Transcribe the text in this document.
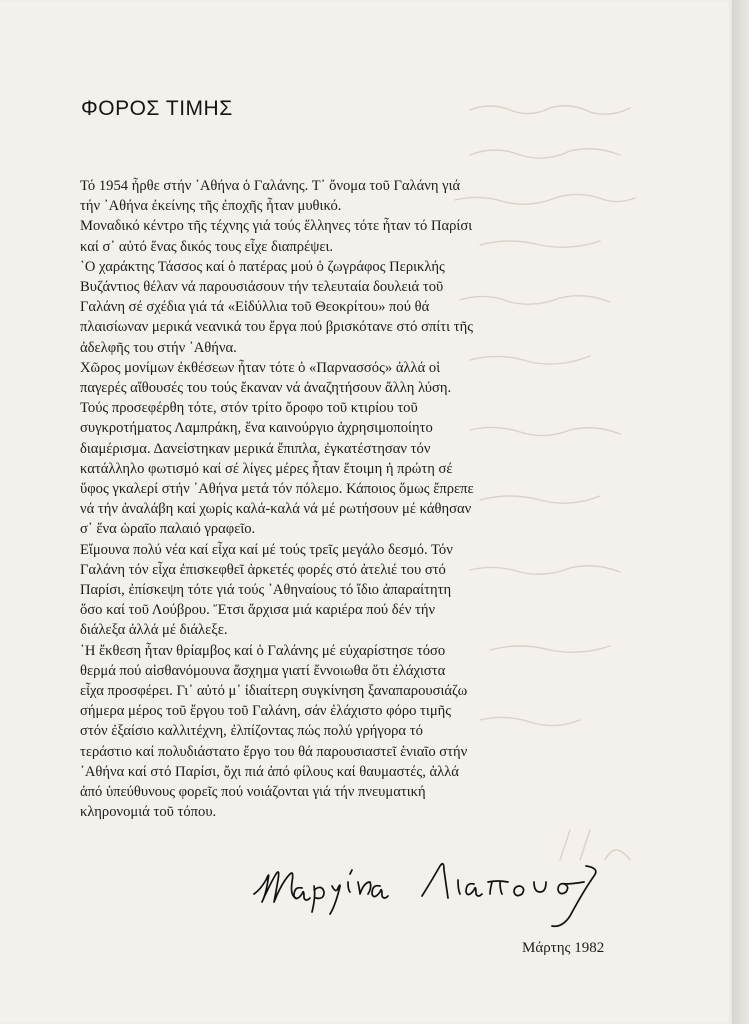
ΦΟΡΟΣ ΤΙΜΗΣ

Τό 1954 ἦρθε στήν ᾽Αθήνα ὁ Γαλάνης. Τ᾽ ὄνομα τοῦ Γαλάνη γιά

τήν ᾽Αθήνα ἐκείνης τῆς ἐποχῆς ἦταν μυθικό.

Μοναδικό κέντρο τῆς τέχνης γιά τούς ἕλληνες τότε ἦταν τό Παρίσι

καί σ᾽ αὐτό ἕνας δικός τους εἶχε διαπρέψει.

῾Ο χαράκτης Τάσσος καί ὁ πατέρας μού ὁ ζωγράφος Περικλής

Βυζάντιος θέλαν νά παρουσιάσουν τήν τελευταία δουλειά τοῦ

Γαλάνη σέ σχέδια γιά τά «Εἰδύλλια τοῦ Θεοκρίτου» πού θά

πλαισίωναν μερικά νεανικά του ἔργα πού βρισκότανε στό σπίτι τῆς

ἀδελφῆς του στήν ᾽Αθήνα.

Χῶρος μονίμων ἐκθέσεων ἦταν τότε ὁ «Παρνασσός» ἀλλά οἱ

παγερές αἴθουσές του τούς ἔκαναν νά ἀναζητήσουν ἄλλη λύση.

Τούς προσεφέρθη τότε, στόν τρίτο ὄροφο τοῦ κτιρίου τοῦ

συγκροτήματος Λαμπράκη, ἕνα καινούργιο ἀχρησιμοποίητο

διαμέρισμα. Δανείστηκαν μερικά ἔπιπλα, ἐγκατέστησαν τόν

κατάλληλο φωτισμό καί σέ λίγες μέρες ἦταν ἕτοιμη ἡ πρώτη σέ

ὕφος γκαλερί στήν ᾽Αθήνα μετά τόν πόλεμο. Κάποιος ὅμως ἔπρεπε

νά τήν ἀναλάβη καί χωρίς καλά-καλά νά μέ ρωτήσουν μέ κάθησαν

σ᾽ ἕνα ὡραῖο παλαιό γραφεῖο.

Εἴμουνα πολύ νέα καί εἶχα καί μέ τούς τρεῖς μεγάλο δεσμό. Τόν

Γαλάνη τόν εἶχα ἐπισκεφθεῖ ἀρκετές φορές στό ἀτελιέ του στό

Παρίσι, ἐπίσκεψη τότε γιά τούς ᾽Αθηναίους τό ἴδιο ἀπαραίτητη

ὅσο καί τοῦ Λούβρου. Ἔτσι ἄρχισα μιά καριέρα πού δέν τήν

διάλεξα ἀλλά μέ διάλεξε.

῾Η ἔκθεση ἦταν θρίαμβος καί ὁ Γαλάνης μέ εὐχαρίστησε τόσο

θερμά πού αἰσθανόμουνα ἄσχημα γιατί ἔννοιωθα ὅτι ἐλάχιστα

εἶχα προσφέρει. Γι᾽ αὐτό μ᾽ ἰδιαίτερη συγκίνηση ξαναπαρουσιάζω

σήμερα μέρος τοῦ ἔργου τοῦ Γαλάνη, σάν ἐλάχιστο φόρο τιμῆς

στόν ἐξαίσιο καλλιτέχνη, ἐλπίζοντας πώς πολύ γρήγορα τό

τεράστιο καί πολυδιάστατο ἔργο του θά παρουσιαστεῖ ἑνιαῖο στήν

᾽Αθήνα καί στό Παρίσι, ὄχι πιά ἀπό φίλους καί θαυμαστές, ἀλλά

ἀπό ὑπεύθυνους φορεῖς πού νοιάζονται γιά τήν πνευματική

κληρονομιά τοῦ τόπου.

Μάρτης 1982
